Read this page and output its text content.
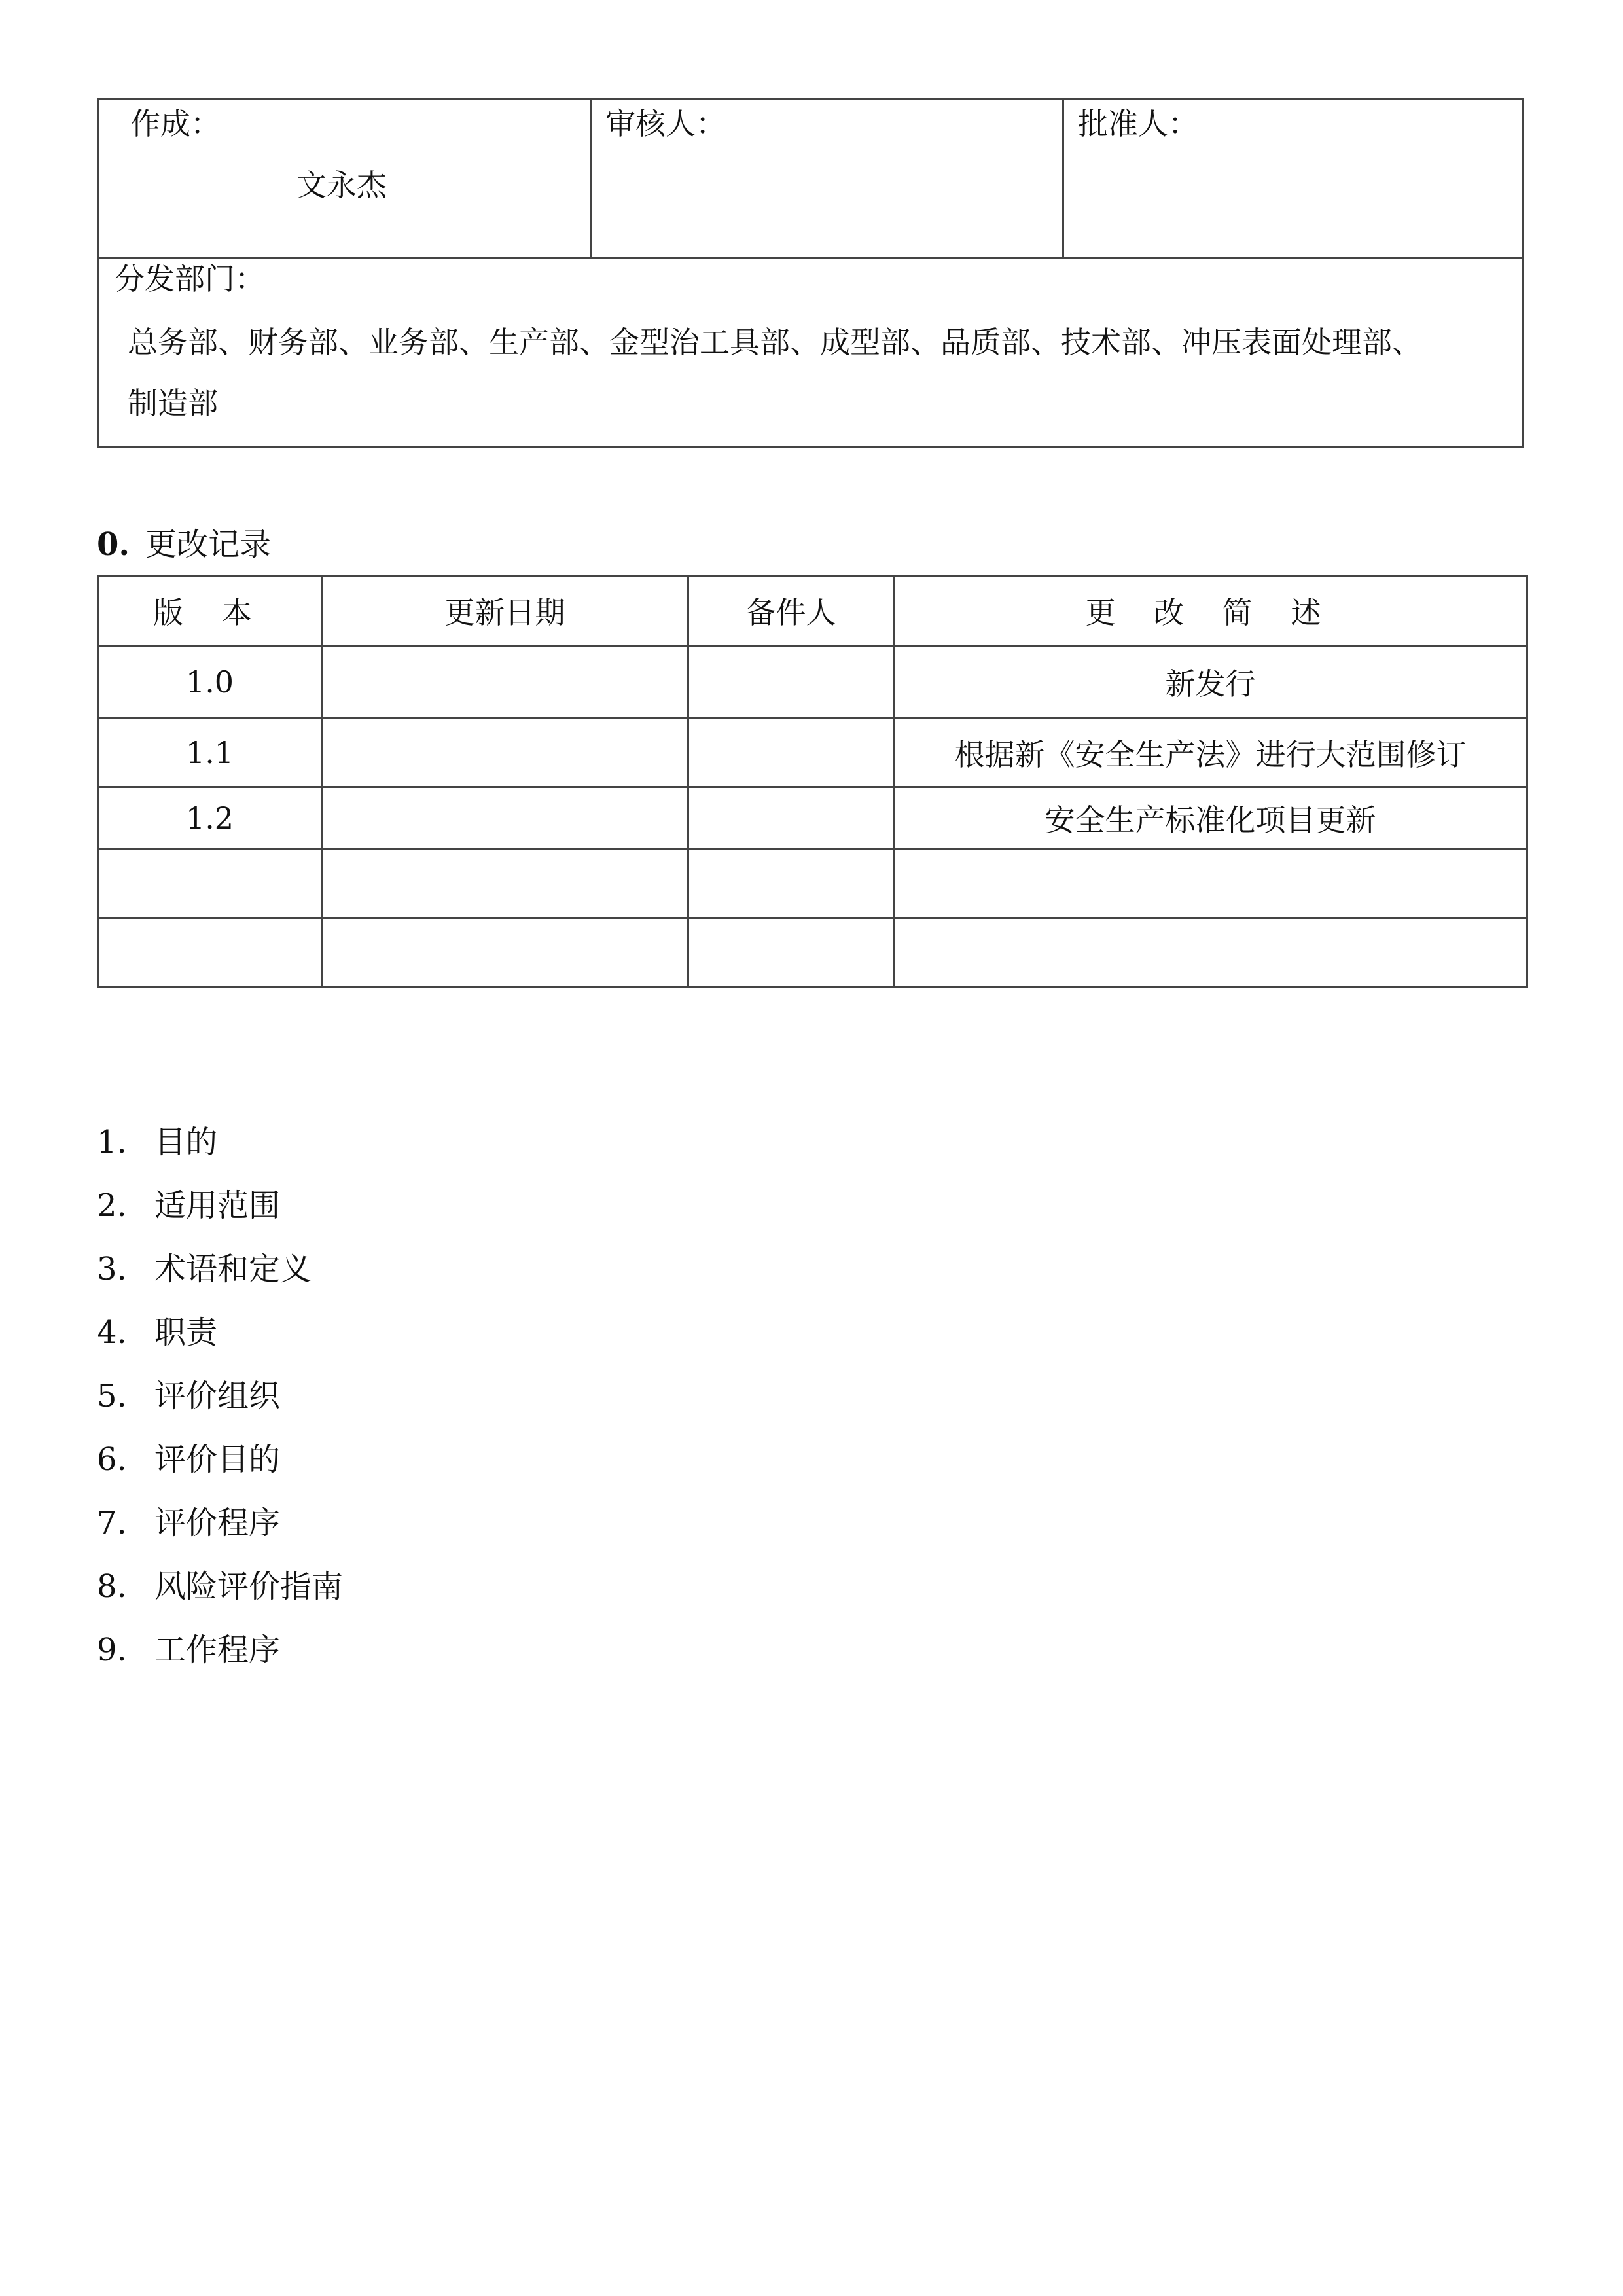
作成：
文永杰
审核人：	批准人：
分发部门：
总务部、财务部、业务部、生产部、金型治工具部、成型部、品质部、技术部、冲压表面处理部、
制造部
0. 更改记录
版 本	更新日期	备件人	更 改 简 述
1.0			新发行
1.1			根据新《安全生产法》进行大范围修订
1.2			安全生产标准化项目更新

1. 目的
2. 适用范围
3. 术语和定义
4. 职责
5. 评价组织
6. 评价目的
7. 评价程序
8. 风险评价指南
9. 工作程序
